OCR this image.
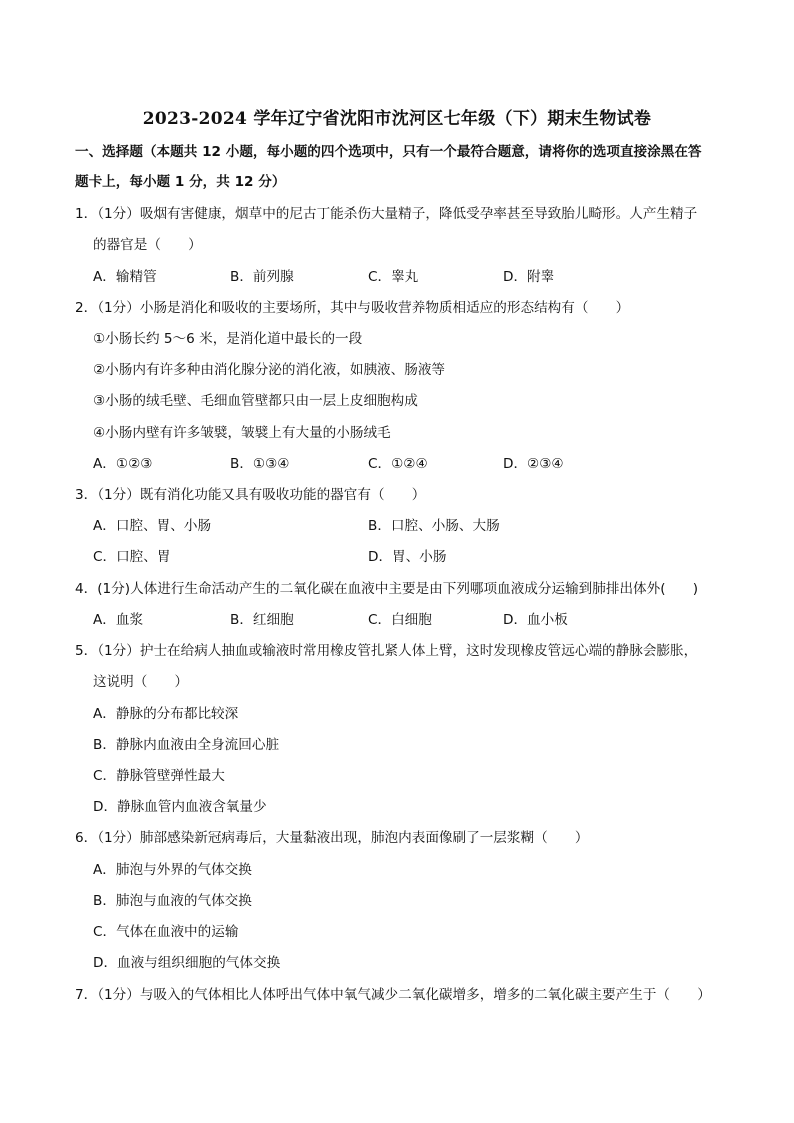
2023-2024 学年辽宁省沈阳市沈河区七年级（下）期末生物试卷
一、选择题（本题共 12 小题，每小题的四个选项中，只有一个最符合题意，请将你的选项直接涂黑在答
题卡上，每小题 1 分，共 12 分）
1．（1分）吸烟有害健康，烟草中的尼古丁能杀伤大量精子，降低受孕率甚至导致胎儿畸形。人产生精子
的器官是（　　）
A．输精管	B．前列腺	C．睾丸	D．附睾
2．（1分）小肠是消化和吸收的主要场所，其中与吸收营养物质相适应的形态结构有（　　）
①小肠长约 5～6 米，是消化道中最长的一段
②小肠内有许多种由消化腺分泌的消化液，如胰液、肠液等
③小肠的绒毛壁、毛细血管壁都只由一层上皮细胞构成
④小肠内壁有许多皱襞，皱襞上有大量的小肠绒毛
A．①②③	B．①③④	C．①②④	D．②③④
3．（1分）既有消化功能又具有吸收功能的器官有（　　）
A．口腔、胃、小肠	B．口腔、小肠、大肠
C．口腔、胃	D．胃、小肠
4．(1分)人体进行生命活动产生的二氧化碳在血液中主要是由下列哪项血液成分运输到肺排出体外(　　)
A．血浆	B．红细胞	C．白细胞	D．血小板
5．（1分）护士在给病人抽血或输液时常用橡皮管扎紧人体上臂，这时发现橡皮管远心端的静脉会膨胀，
这说明（　　）
A．静脉的分布都比较深
B．静脉内血液由全身流回心脏
C．静脉管壁弹性最大
D．静脉血管内血液含氧量少
6．（1分）肺部感染新冠病毒后，大量黏液出现，肺泡内表面像刷了一层浆糊（　　）
A．肺泡与外界的气体交换
B．肺泡与血液的气体交换
C．气体在血液中的运输
D．血液与组织细胞的气体交换
7．（1分）与吸入的气体相比人体呼出气体中氧气减少二氧化碳增多，增多的二氧化碳主要产生于（　　）
